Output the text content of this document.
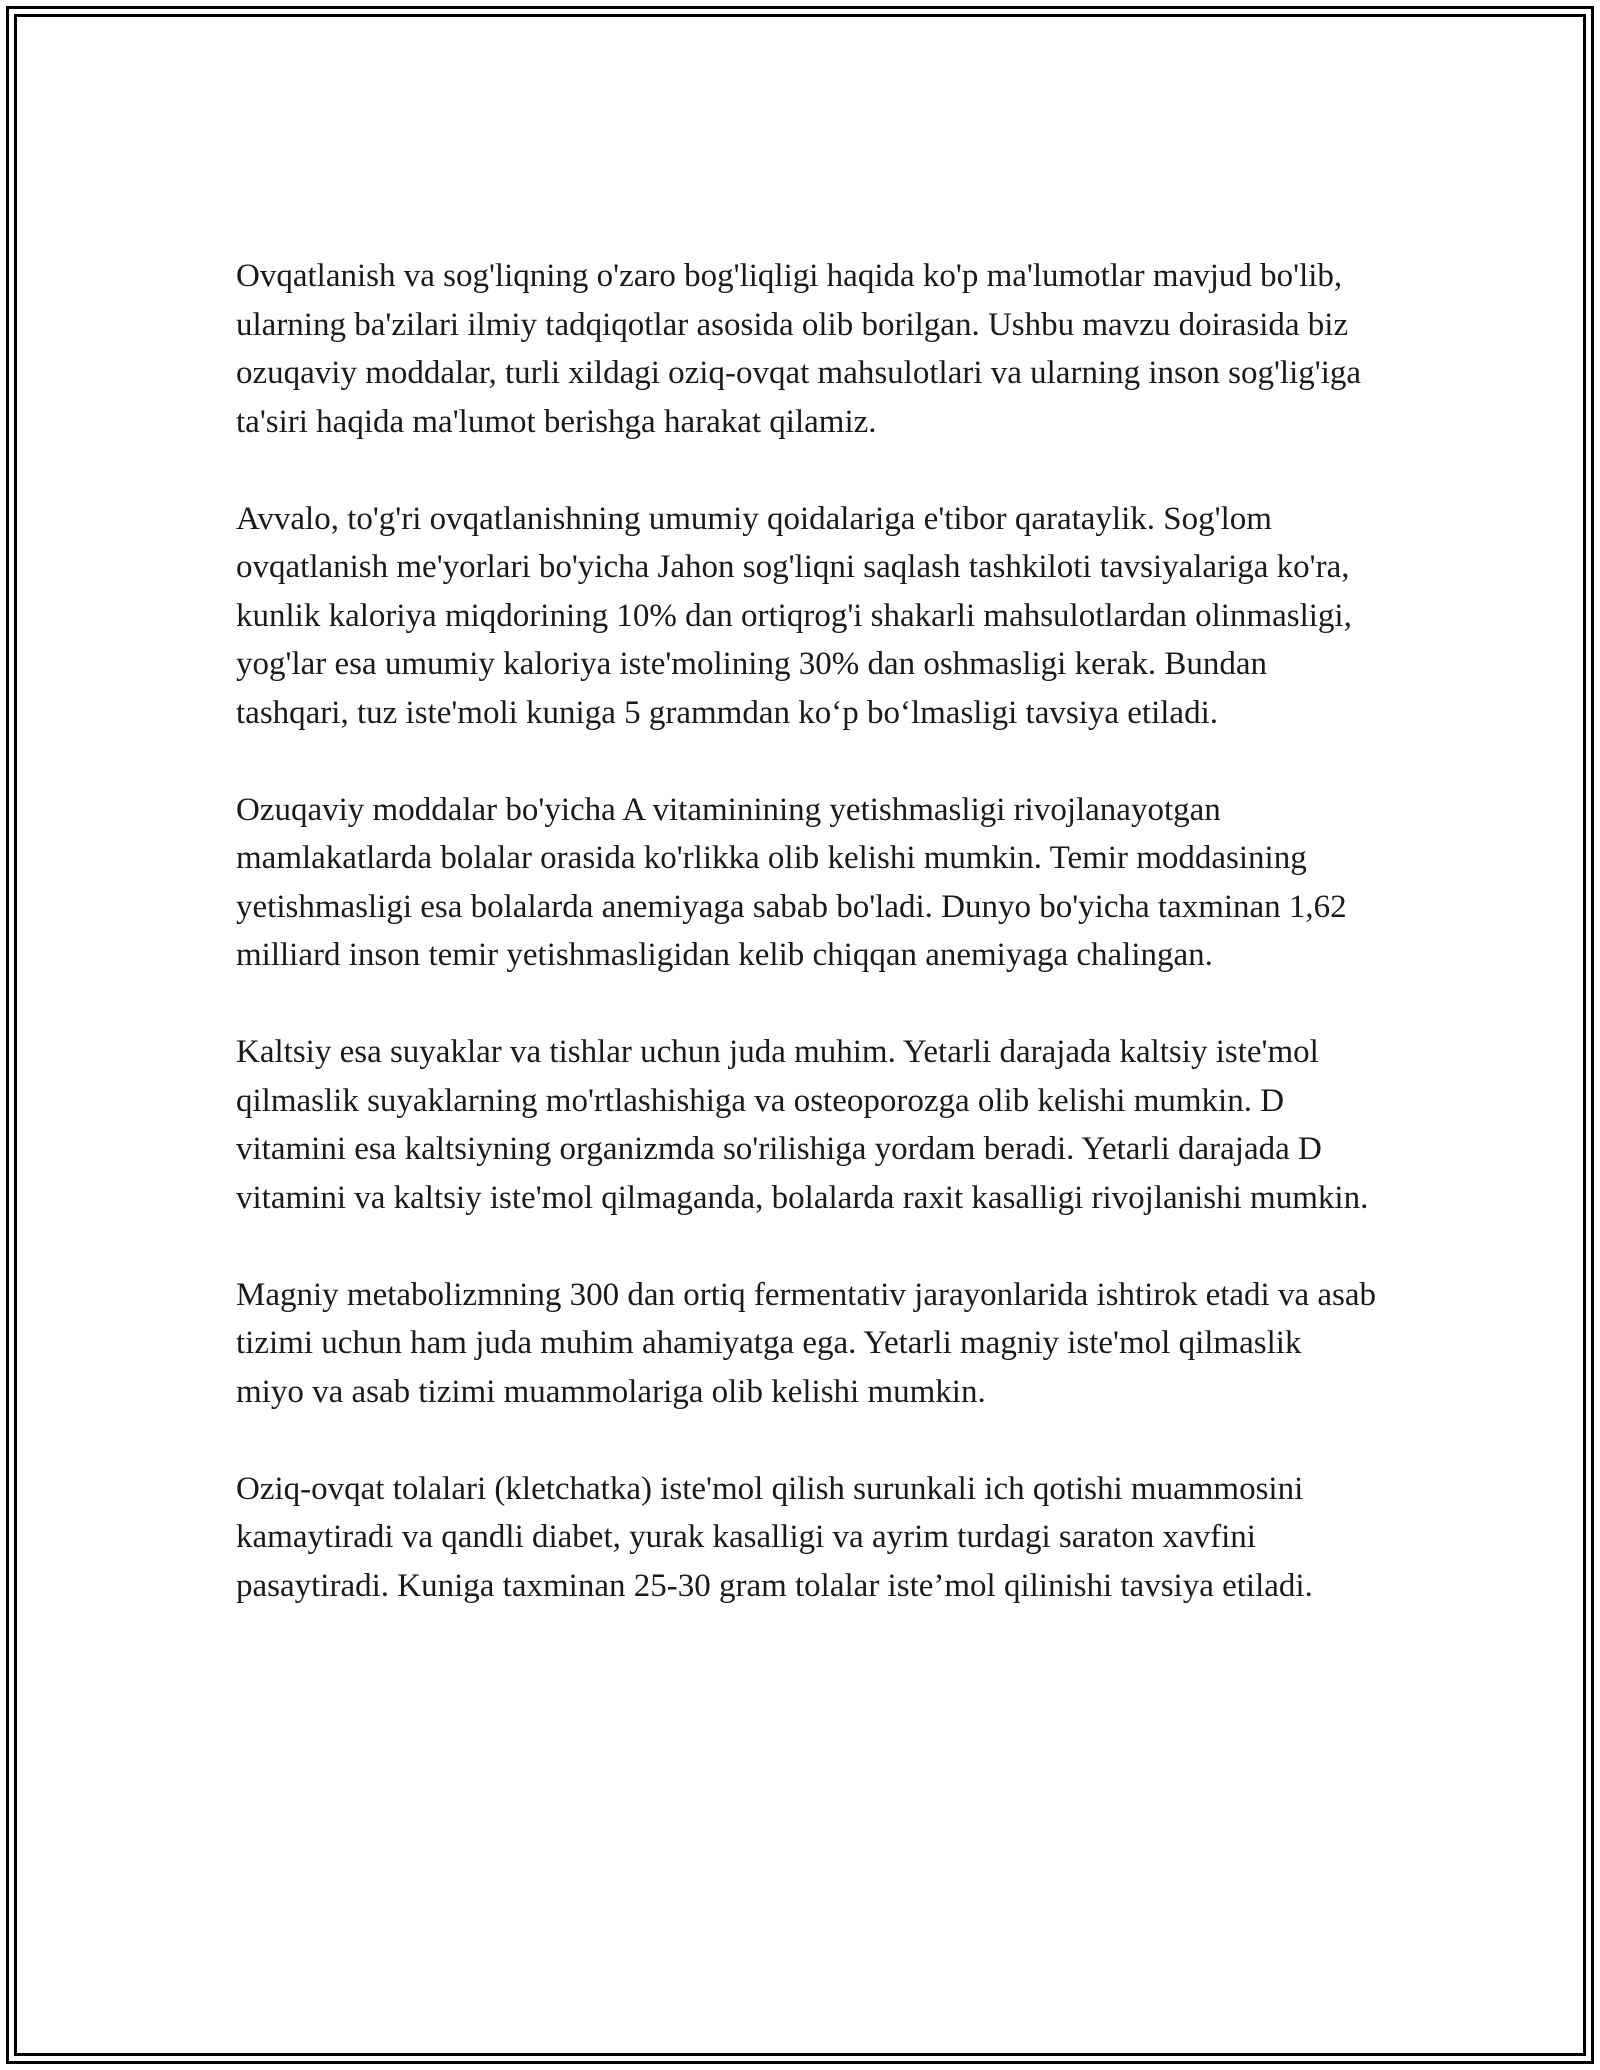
Ovqatlanish va sog'liqning o'zaro bog'liqligi haqida ko'p ma'lumotlar mavjud bo'lib, ularning ba'zilari ilmiy tadqiqotlar asosida olib borilgan. Ushbu mavzu doirasida biz ozuqaviy moddalar, turli xildagi oziq-ovqat mahsulotlari va ularning inson sog'lig'iga ta'siri haqida ma'lumot berishga harakat qilamiz.

Avvalo, to'g'ri ovqatlanishning umumiy qoidalariga e'tibor qarataylik. Sog'lom ovqatlanish me'yorlari bo'yicha Jahon sog'liqni saqlash tashkiloti tavsiyalariga ko'ra, kunlik kaloriya miqdorining 10% dan ortiqrog'i shakarli mahsulotlardan olinmasligi, yog'lar esa umumiy kaloriya iste'molining 30% dan oshmasligi kerak. Bundan tashqari, tuz iste'moli kuniga 5 grammdan ko‘p bo‘lmasligi tavsiya etiladi.

Ozuqaviy moddalar bo'yicha A vitaminining yetishmasligi rivojlanayotgan mamlakatlarda bolalar orasida ko'rlikka olib kelishi mumkin. Temir moddasining yetishmasligi esa bolalarda anemiyaga sabab bo'ladi. Dunyo bo'yicha taxminan 1,62 milliard inson temir yetishmasligidan kelib chiqqan anemiyaga chalingan.

Kaltsiy esa suyaklar va tishlar uchun juda muhim. Yetarli darajada kaltsiy iste'mol qilmaslik suyaklarning mo'rtlashishiga va osteoporozga olib kelishi mumkin. D vitamini esa kaltsiyning organizmda so'rilishiga yordam beradi. Yetarli darajada D vitamini va kaltsiy iste'mol qilmaganda, bolalarda raxit kasalligi rivojlanishi mumkin.

Magniy metabolizmning 300 dan ortiq fermentativ jarayonlarida ishtirok etadi va asab tizimi uchun ham juda muhim ahamiyatga ega. Yetarli magniy iste'mol qilmaslik miyo va asab tizimi muammolariga olib kelishi mumkin.

Oziq-ovqat tolalari (kletchatka) iste'mol qilish surunkali ich qotishi muammosini kamaytiradi va qandli diabet, yurak kasalligi va ayrim turdagi saraton xavfini pasaytiradi. Kuniga taxminan 25-30 gram tolalar iste’mol qilinishi tavsiya etiladi.
